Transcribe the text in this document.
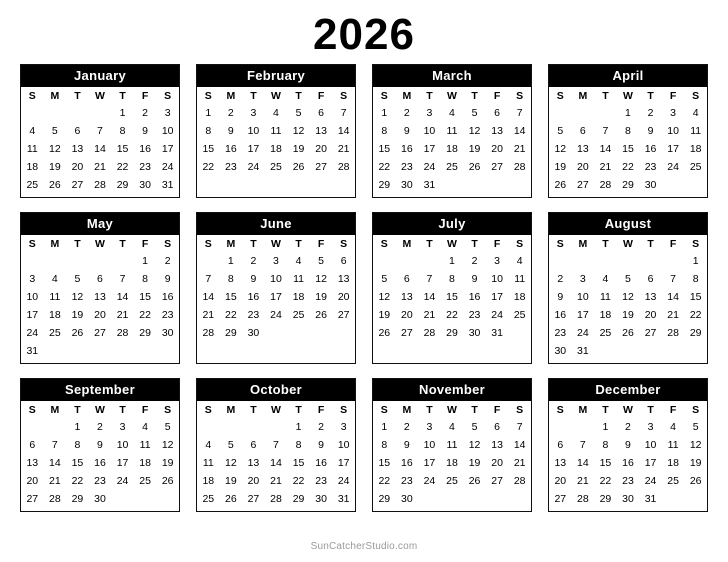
2026
January
S	M	T	W	T	F	S
				1	2	3
4	5	6	7	8	9	10
11	12	13	14	15	16	17
18	19	20	21	22	23	24
25	26	27	28	29	30	31
February
S	M	T	W	T	F	S
1	2	3	4	5	6	7
8	9	10	11	12	13	14
15	16	17	18	19	20	21
22	23	24	25	26	27	28
March
S	M	T	W	T	F	S
1	2	3	4	5	6	7
8	9	10	11	12	13	14
15	16	17	18	19	20	21
22	23	24	25	26	27	28
29	30	31				
April
S	M	T	W	T	F	S
			1	2	3	4
5	6	7	8	9	10	11
12	13	14	15	16	17	18
19	20	21	22	23	24	25
26	27	28	29	30		
May
S	M	T	W	T	F	S
					1	2
3	4	5	6	7	8	9
10	11	12	13	14	15	16
17	18	19	20	21	22	23
24	25	26	27	28	29	30
31						
June
S	M	T	W	T	F	S
	1	2	3	4	5	6
7	8	9	10	11	12	13
14	15	16	17	18	19	20
21	22	23	24	25	26	27
28	29	30				
July
S	M	T	W	T	F	S
			1	2	3	4
5	6	7	8	9	10	11
12	13	14	15	16	17	18
19	20	21	22	23	24	25
26	27	28	29	30	31	
August
S	M	T	W	T	F	S
						1
2	3	4	5	6	7	8
9	10	11	12	13	14	15
16	17	18	19	20	21	22
23	24	25	26	27	28	29
30	31					
September
S	M	T	W	T	F	S
		1	2	3	4	5
6	7	8	9	10	11	12
13	14	15	16	17	18	19
20	21	22	23	24	25	26
27	28	29	30			
October
S	M	T	W	T	F	S
				1	2	3
4	5	6	7	8	9	10
11	12	13	14	15	16	17
18	19	20	21	22	23	24
25	26	27	28	29	30	31
November
S	M	T	W	T	F	S
1	2	3	4	5	6	7
8	9	10	11	12	13	14
15	16	17	18	19	20	21
22	23	24	25	26	27	28
29	30					
December
S	M	T	W	T	F	S
		1	2	3	4	5
6	7	8	9	10	11	12
13	14	15	16	17	18	19
20	21	22	23	24	25	26
27	28	29	30	31		
SunCatcherStudio.com
